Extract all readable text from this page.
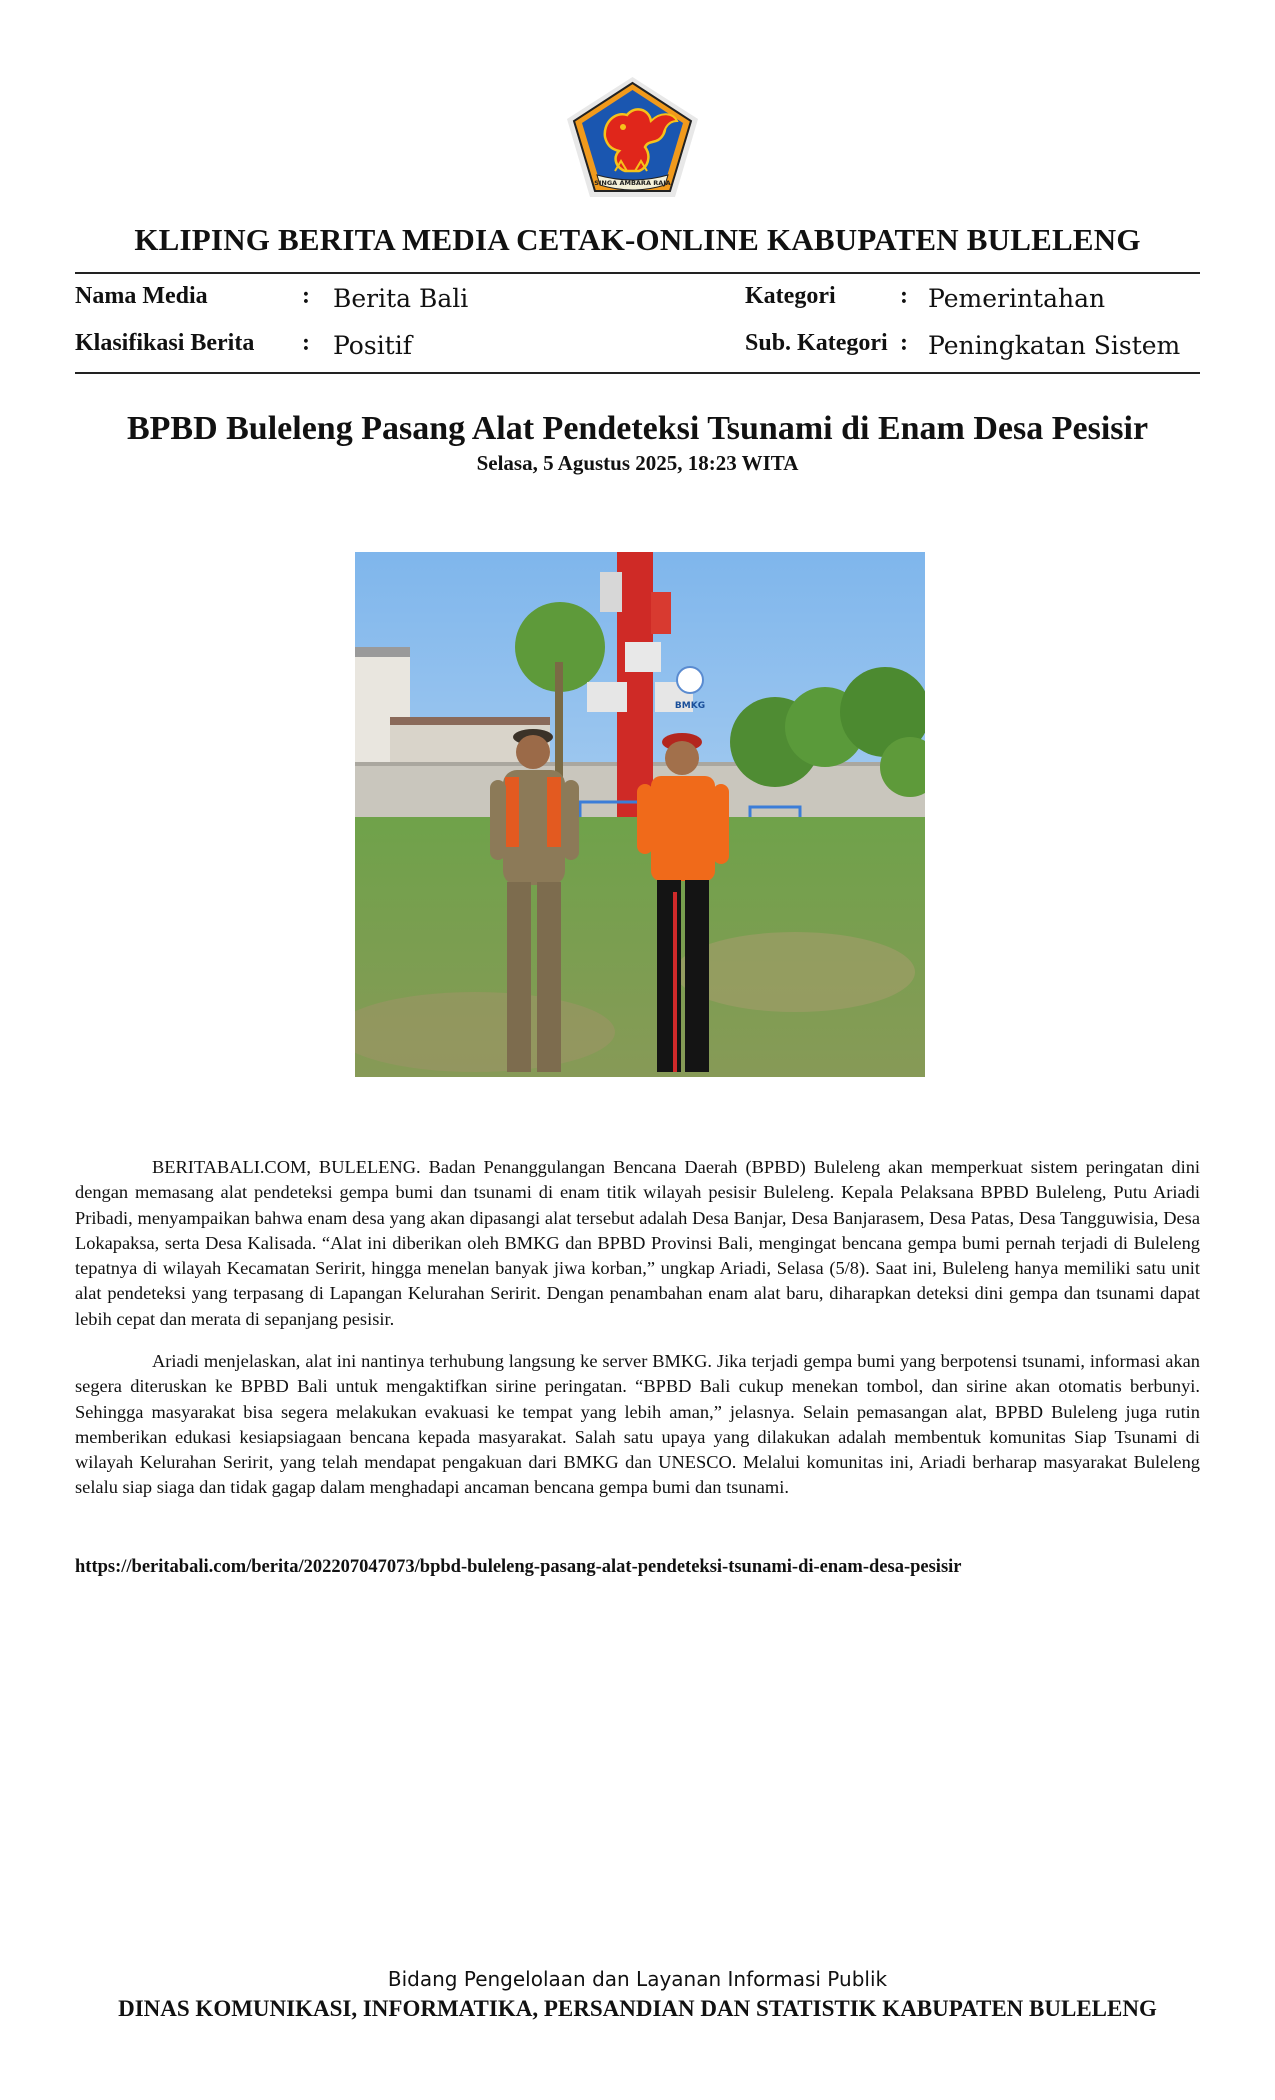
SINGA AMBARA RAJA
KLIPING BERITA MEDIA CETAK-ONLINE KABUPATEN BULELENG
Nama Media	: Berita Bali
Klasifikasi Berita : Positif
Kategori	: Pemerintahan
Sub. Kategori : Peningkatan Sistem
BPBD Buleleng Pasang Alat Pendeteksi Tsunami di Enam Desa Pesisir
Selasa, 5 Agustus 2025, 18:23 WITA
BMKG

BERITABALI.COM, BULELENG. Badan Penanggulangan Bencana Daerah (BPBD) Buleleng akan memperkuat sistem peringatan dini dengan memasang alat pendeteksi gempa bumi dan tsunami di enam titik wilayah pesisir Buleleng. Kepala Pelaksana BPBD Buleleng, Putu Ariadi Pribadi, menyampaikan bahwa enam desa yang akan dipasangi alat tersebut adalah Desa Banjar, Desa Banjarasem, Desa Patas, Desa Tangguwisia, Desa Lokapaksa, serta Desa Kalisada. “Alat ini diberikan oleh BMKG dan BPBD Provinsi Bali, mengingat bencana gempa bumi pernah terjadi di Buleleng tepatnya di wilayah Kecamatan Seririt, hingga menelan banyak jiwa korban,” ungkap Ariadi, Selasa (5/8). Saat ini, Buleleng hanya memiliki satu unit alat pendeteksi yang terpasang di Lapangan Kelurahan Seririt. Dengan penambahan enam alat baru, diharapkan deteksi dini gempa dan tsunami dapat lebih cepat dan merata di sepanjang pesisir.

Ariadi menjelaskan, alat ini nantinya terhubung langsung ke server BMKG. Jika terjadi gempa bumi yang berpotensi tsunami, informasi akan segera diteruskan ke BPBD Bali untuk mengaktifkan sirine peringatan. “BPBD Bali cukup menekan tombol, dan sirine akan otomatis berbunyi. Sehingga masyarakat bisa segera melakukan evakuasi ke tempat yang lebih aman,” jelasnya. Selain pemasangan alat, BPBD Buleleng juga rutin memberikan edukasi kesiapsiagaan bencana kepada masyarakat. Salah satu upaya yang dilakukan adalah membentuk komunitas Siap Tsunami di wilayah Kelurahan Seririt, yang telah mendapat pengakuan dari BMKG dan UNESCO. Melalui komunitas ini, Ariadi berharap masyarakat Buleleng selalu siap siaga dan tidak gagap dalam menghadapi ancaman bencana gempa bumi dan tsunami.

https://beritabali.com/berita/202207047073/bpbd-buleleng-pasang-alat-pendeteksi-tsunami-di-enam-desa-pesisir
Bidang Pengelolaan dan Layanan Informasi Publik
DINAS KOMUNIKASI, INFORMATIKA, PERSANDIAN DAN STATISTIK KABUPATEN BULELENG
